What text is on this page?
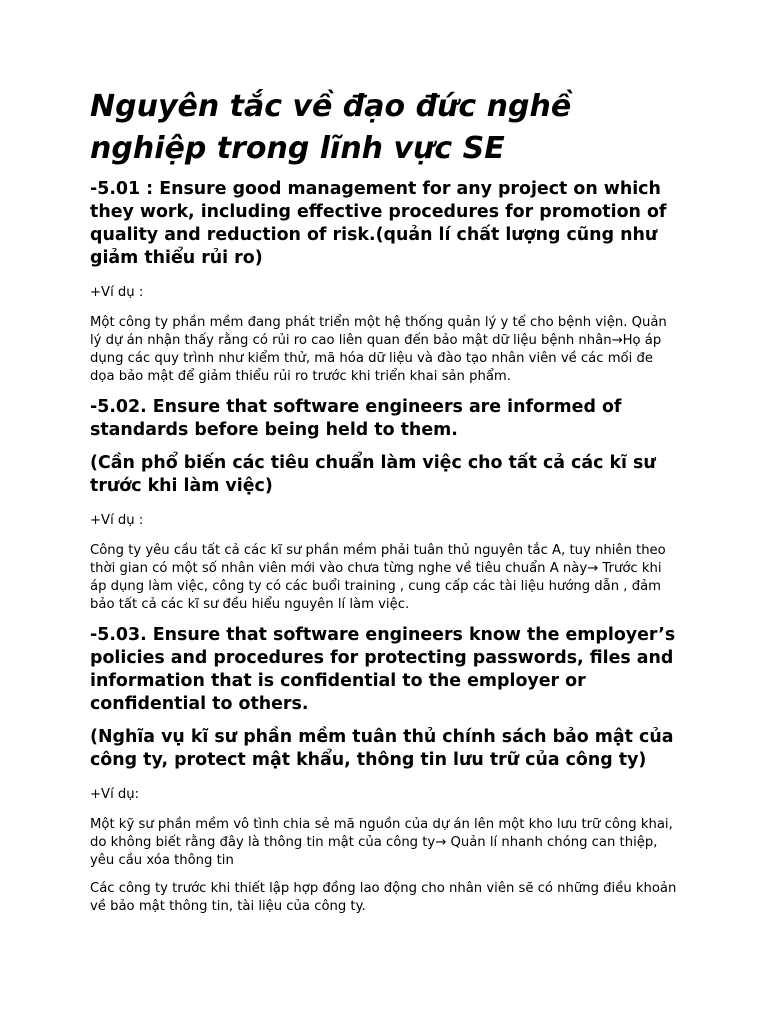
Nguyên tắc về đạo đức nghề nghiệp trong lĩnh vực SE
-5.01 : Ensure good management for any project on which they work, including effective procedures for promotion of quality and reduction of risk.(quản lí chất lượng cũng như giảm thiểu rủi ro)
+Ví dụ :
Một công ty phần mềm đang phát triển một hệ thống quản lý y tế cho bệnh viện. Quản lý dự án nhận thấy rằng có rủi ro cao liên quan đến bảo mật dữ liệu bệnh nhân→Họ áp dụng các quy trình như kiểm thử, mã hóa dữ liệu và đào tạo nhân viên về các mối đe dọa bảo mật để giảm thiểu rủi ro trước khi triển khai sản phẩm.
-5.02. Ensure that software engineers are informed of standards before being held to them.
(Cần phổ biến các tiêu chuẩn làm việc cho tất cả các kĩ sư trước khi làm việc)
+Ví dụ :
Công ty yêu cầu tất cả các kĩ sư phần mềm phải tuân thủ nguyên tắc A, tuy nhiên theo thời gian có một số nhân viên mới vào chưa từng nghe về tiêu chuẩn A này→ Trước khi áp dụng làm việc, công ty có các buổi training , cung cấp các tài liệu hướng dẫn , đảm bảo tất cả các kĩ sư đều hiểu nguyên lí làm việc.
-5.03. Ensure that software engineers know the employer’s policies and procedures for protecting passwords, files and information that is confidential to the employer or confidential to others.
(Nghĩa vụ kĩ sư phần mềm tuân thủ chính sách bảo mật của công ty, protect mật khẩu, thông tin lưu trữ của công ty)
+Ví dụ:
Một kỹ sư phần mềm vô tình chia sẻ mã nguồn của dự án lên một kho lưu trữ công khai, do không biết rằng đây là thông tin mật của công ty→ Quản lí nhanh chóng can thiệp, yêu cầu xóa thông tin
Các công ty trước khi thiết lập hợp đồng lao động cho nhân viên sẽ có những điều khoản về bảo mật thông tin, tài liệu của công ty.
